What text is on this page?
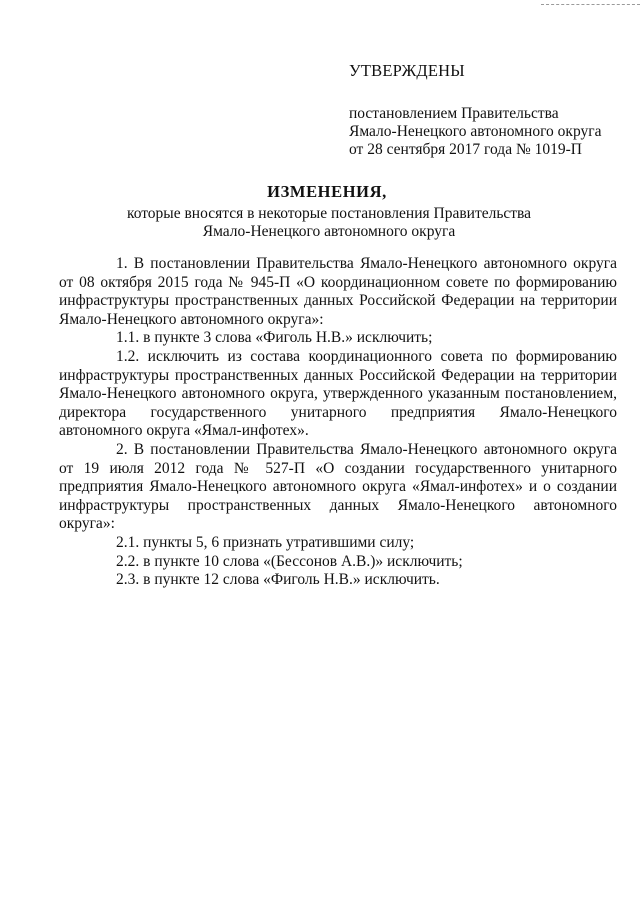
УТВЕРЖДЕНЫ

постановлением Правительства

Ямало-Ненецкого автономного округа

от 28 сентября 2017 года № 1019-П

ИЗМЕНЕНИЯ,

которые вносятся в некоторые постановления Правительства

Ямало-Ненецкого автономного округа

1. В постановлении Правительства Ямало-Ненецкого автономного округа от 08 октября 2015 года № 945-П «О координационном совете по формированию инфраструктуры пространственных данных Российской Федерации на территории Ямало-Ненецкого автономного округа»:

1.1. в пункте 3 слова «Фиголь Н.В.» исключить;

1.2. исключить из состава координационного совета по формированию инфраструктуры пространственных данных Российской Федерации на территории Ямало-Ненецкого автономного округа, утвержденного указанным постановлением, директора государственного унитарного предприятия Ямало-Ненецкого автономного округа «Ямал-инфотех».

2. В постановлении Правительства Ямало-Ненецкого автономного округа от 19 июля 2012 года № 527-П «О создании государственного унитарного предприятия Ямало-Ненецкого автономного округа «Ямал-инфотех» и о создании инфраструктуры пространственных данных Ямало-Ненецкого автономного округа»:

2.1. пункты 5, 6 признать утратившими силу;

2.2. в пункте 10 слова «(Бессонов А.В.)» исключить;

2.3. в пункте 12 слова «Фиголь Н.В.» исключить.
